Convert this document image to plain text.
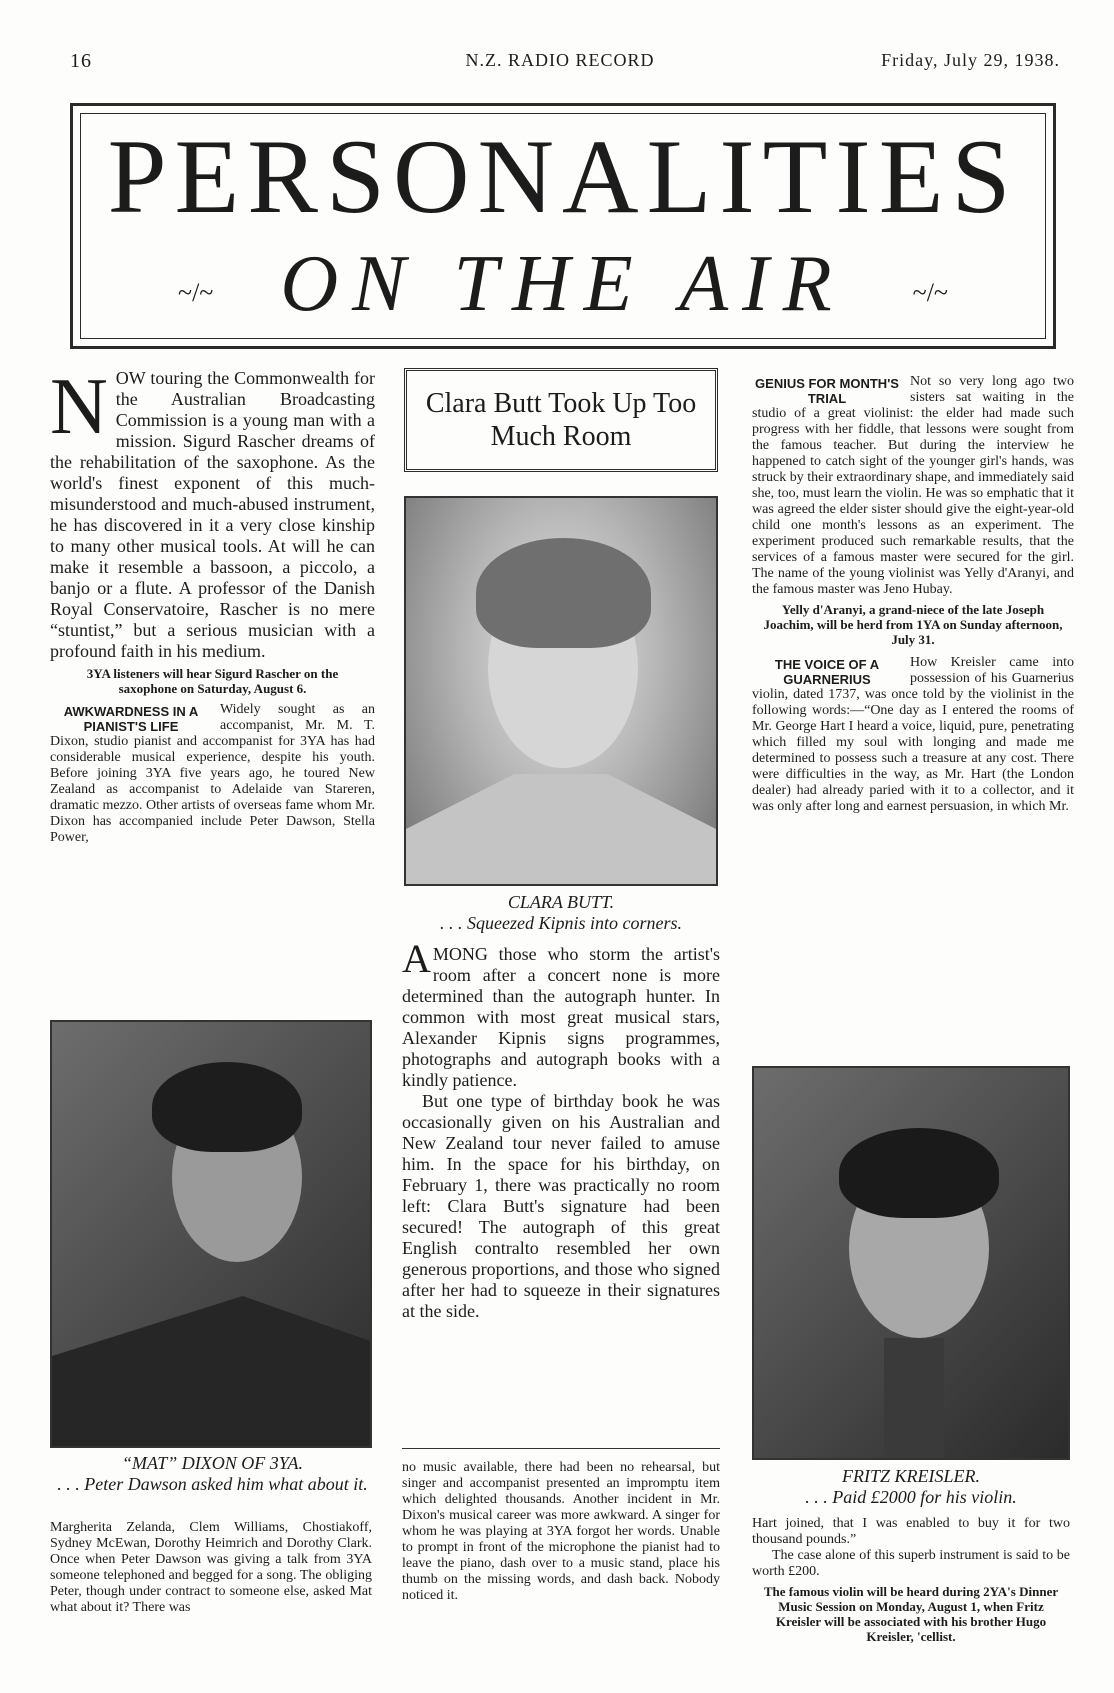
16	N.Z. RADIO RECORD	Friday, July 29, 1938.
PERSONALITIES
ON THE AIR
~/~	~/~

NOW touring the Commonwealth for the Australian Broadcasting Commission is a young man with a mission. Sigurd Rascher dreams of the rehabilitation of the saxophone. As the world's finest exponent of this much-misunderstood and much-abused instrument, he has discovered in it a very close kinship to many other musical tools. At will he can make it resemble a bassoon, a piccolo, a banjo or a flute. A professor of the Danish Royal Conservatoire, Rascher is no mere “stuntist,” but a serious musician with a profound faith in his medium.

3YA listeners will hear Sigurd Rascher on the saxophone on Saturday, August 6.

AWKWARDNESS IN A PIANIST'S LIFE

Widely sought as an accompanist, Mr. M. T. Dixon, studio pianist and accompanist for 3YA has had considerable musical experience, despite his youth. Before joining 3YA five years ago, he toured New Zealand as accompanist to Adelaide van Stareren, dramatic mezzo. Other artists of overseas fame whom Mr. Dixon has accompanied include Peter Dawson, Stella Power,

“MAT” DIXON OF 3YA.
. . . Peter Dawson asked him what about it.

Margherita Zelanda, Clem Williams, Chostiakoff, Sydney McEwan, Dorothy Heimrich and Dorothy Clark. Once when Peter Dawson was giving a talk from 3YA someone telephoned and begged for a song. The obliging Peter, though under contract to someone else, asked Mat what about it? There was

Clara Butt Took Up Too Much Room
CLARA BUTT.
. . . Squeezed Kipnis into corners.

AMONG those who storm the artist's room after a concert none is more determined than the autograph hunter. In common with most great musical stars, Alexander Kipnis signs programmes, photographs and autograph books with a kindly patience.

But one type of birthday book he was occasionally given on his Australian and New Zealand tour never failed to amuse him. In the space for his birthday, on February 1, there was practically no room left: Clara Butt's signature had been secured! The autograph of this great English contralto resembled her own generous proportions, and those who signed after her had to squeeze in their signatures at the side.

no music available, there had been no rehearsal, but singer and accompanist presented an impromptu item which delighted thousands. Another incident in Mr. Dixon's musical career was more awkward. A singer for whom he was playing at 3YA forgot her words. Unable to prompt in front of the microphone the pianist had to leave the piano, dash over to a music stand, place his thumb on the missing words, and dash back. Nobody noticed it.

GENIUS FOR MONTH'S TRIAL

Not so very long ago two sisters sat waiting in the studio of a great violinist: the elder had made such progress with her fiddle, that lessons were sought from the famous teacher. But during the interview he happened to catch sight of the younger girl's hands, was struck by their extraordinary shape, and immediately said she, too, must learn the violin. He was so emphatic that it was agreed the elder sister should give the eight-year-old child one month's lessons as an experiment. The experiment produced such remarkable results, that the services of a famous master were secured for the girl. The name of the young violinist was Yelly d'Aranyi, and the famous master was Jeno Hubay.

Yelly d'Aranyi, a grand-niece of the late Joseph Joachim, will be herd from 1YA on Sunday afternoon, July 31.

THE VOICE OF A GUARNERIUS

How Kreisler came into possession of his Guarnerius violin, dated 1737, was once told by the violinist in the following words:—“One day as I entered the rooms of Mr. George Hart I heard a voice, liquid, pure, penetrating which filled my soul with longing and made me determined to possess such a treasure at any cost. There were difficulties in the way, as Mr. Hart (the London dealer) had already paried with it to a collector, and it was only after long and earnest persuasion, in which Mr.

FRITZ KREISLER.
. . . Paid £2000 for his violin.

Hart joined, that I was enabled to buy it for two thousand pounds.”

The case alone of this superb instrument is said to be worth £200.

The famous violin will be heard during 2YA's Dinner Music Session on Monday, August 1, when Fritz Kreisler will be associated with his brother Hugo Kreisler, 'cellist.
